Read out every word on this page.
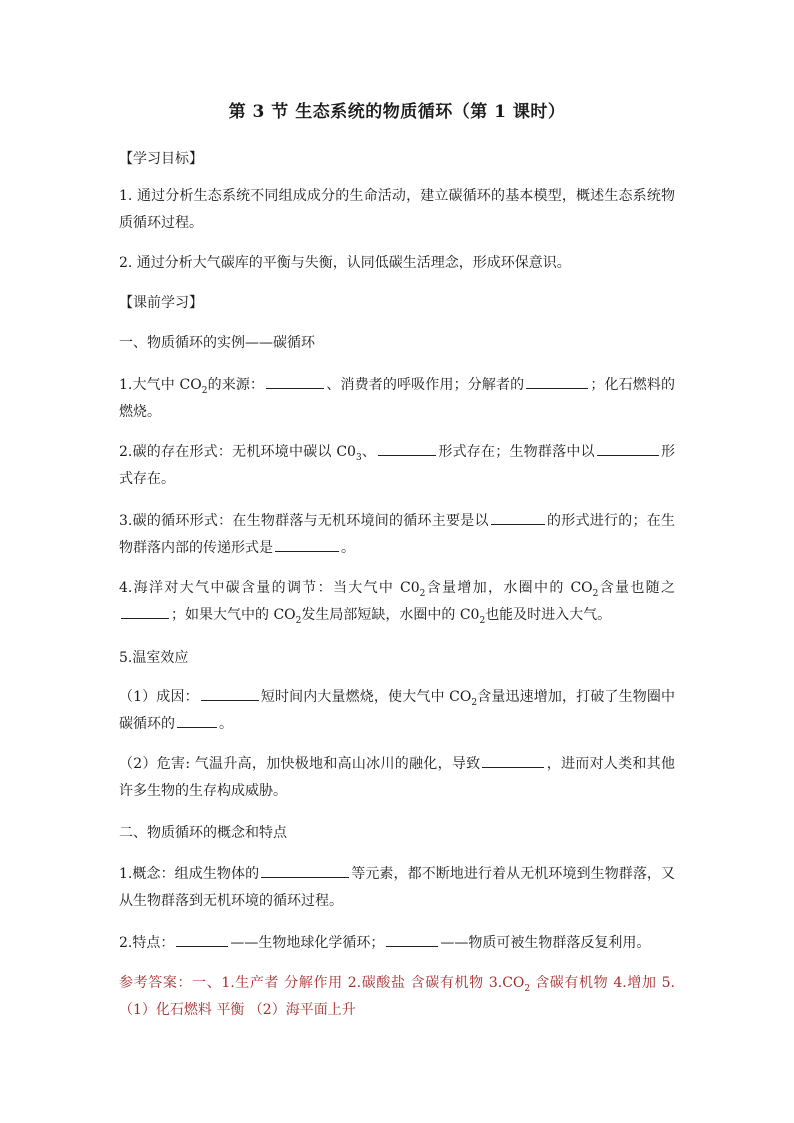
第 3 节 生态系统的物质循环（第 1 课时）
【学习目标】
1. 通过分析生态系统不同组成成分的生命活动，建立碳循环的基本模型，概述生态系统物质循环过程。
2. 通过分析大气碳库的平衡与失衡，认同低碳生活理念，形成环保意识。
【课前学习】
一、物质循环的实例——碳循环
1.大气中 $CO_2$的来源：	、消费者的呼吸作用；分解者的	；化石燃料的燃烧。
2.碳的存在形式：无机环境中碳以 $C0_3$、	形式存在；生物群落中以	形式存在。
3.碳的循环形式：在生物群落与无机环境间的循环主要是以	的形式进行的；在生物群落内部的传递形式是	。
4.海洋对大气中碳含量的调节：当大气中 $C0_2$含量增加，水圈中的 $CO_2$含量也随之；如果大气中的 $CO_2$发生局部短缺，水圈中的 $C0_2$也能及时进入大气。
5.温室效应
（1）成因：	短时间内大量燃烧，使大气中 $CO_2$含量迅速增加，打破了生物圈中碳循环的	。
（2）危害: 气温升高，加快极地和高山冰川的融化，导致	，进而对人类和其他许多生物的生存构成威胁。
二、物质循环的概念和特点
1.概念：组成生物体的	等元素，都不断地进行着从无机环境到生物群落，又从生物群落到无机环境的循环过程。
2.特点：	——生物地球化学循环；	——物质可被生物群落反复利用。
参考答案：一、1.生产者 分解作用 2.碳酸盐 含碳有机物 $3.CO_2$ 含碳有机物 4.增加 5.（1）化石燃料 平衡 （2）海平面上升
